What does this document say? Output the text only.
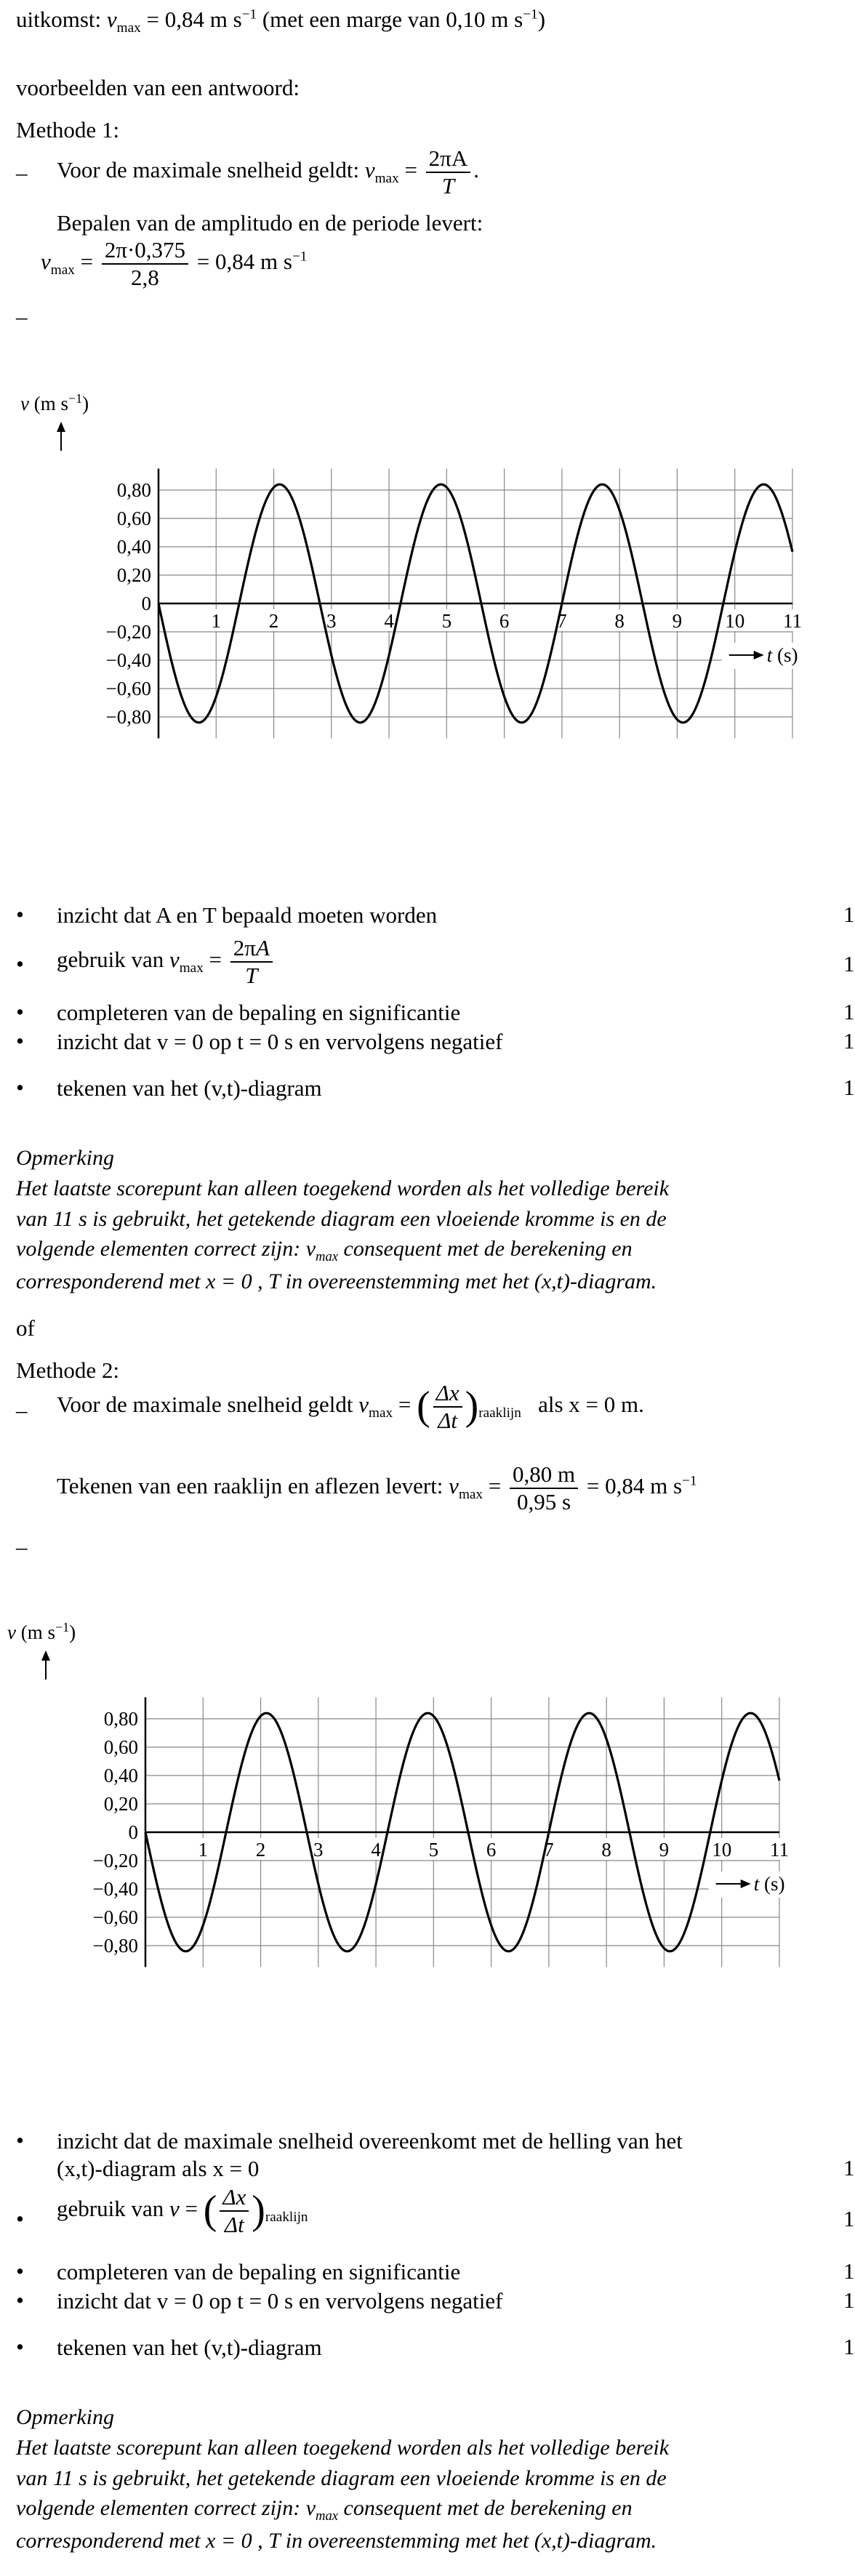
uitkomst: $v_{max} = 0,84$ m $s^{-1}$ (met een marge van 0,10 m $s^{-1}$)
voorbeelden van een antwoord:
Methode 1:
– Voor de maximale snelheid geldt: $v_{max} = \frac{2\pi A}{T}$ .
Bepalen van de amplitudo en de periode levert:
$v_{max} = \frac{2\pi\cdot 0,375}{2,8} = 0,84$ m $s^{-1}$
–
0,80
0,60
0,40
0,20
0
−0,20
−0,40
−0,60
−0,80
1 2 3 4 5 6 7 8 9 10 11
v (m $s^{-1}$)
t (s)
• inzicht dat A en T bepaald moeten worden	1
• gebruik van $v_{max} = \frac{2\pi A}{T}$	1
• completeren van de bepaling en significantie	1
• inzicht dat v = 0 op t = 0 s en vervolgens negatief	1
• tekenen van het (v,t)-diagram	1
Opmerking
Het laatste scorepunt kan alleen toegekend worden als het volledige bereik
van 11 s is gebruikt, het getekende diagram een vloeiende kromme is en de
volgende elementen correct zijn: $v_{max}$ consequent met de berekening en
corresponderend met x = 0 , T in overeenstemming met het (x,t)-diagram.
of
Methode 2:
– Voor de maximale snelheid geldt $v_{max}$ = ( $\frac{\Delta x}{\Delta t} )_{raaklijn}$ als x = 0 m.
Tekenen van een raaklijn en aflezen levert: $v_{max} = \frac{0,80 m}{0,95 s} = 0,84$ m $s^{-1}$
–
0,80
0,60
0,40
0,20
0
−0,20
−0,40
−0,60
−0,80
1 2 3 4 5 6 7 8 9 10 11
v (m $s^{-1}$)
t (s)
• inzicht dat de maximale snelheid overeenkomt met de helling van het
(x,t)-diagram als x = 0	1
• gebruik van v = ( $\frac{\Delta x}{\Delta t} )_{raaklijn}$	1
• completeren van de bepaling en significantie	1
• inzicht dat v = 0 op t = 0 s en vervolgens negatief	1
• tekenen van het (v,t)-diagram	1
Opmerking
Het laatste scorepunt kan alleen toegekend worden als het volledige bereik
van 11 s is gebruikt, het getekende diagram een vloeiende kromme is en de
volgende elementen correct zijn: $v_{max}$ consequent met de berekening en
corresponderend met x = 0 , T in overeenstemming met het (x,t)-diagram.
